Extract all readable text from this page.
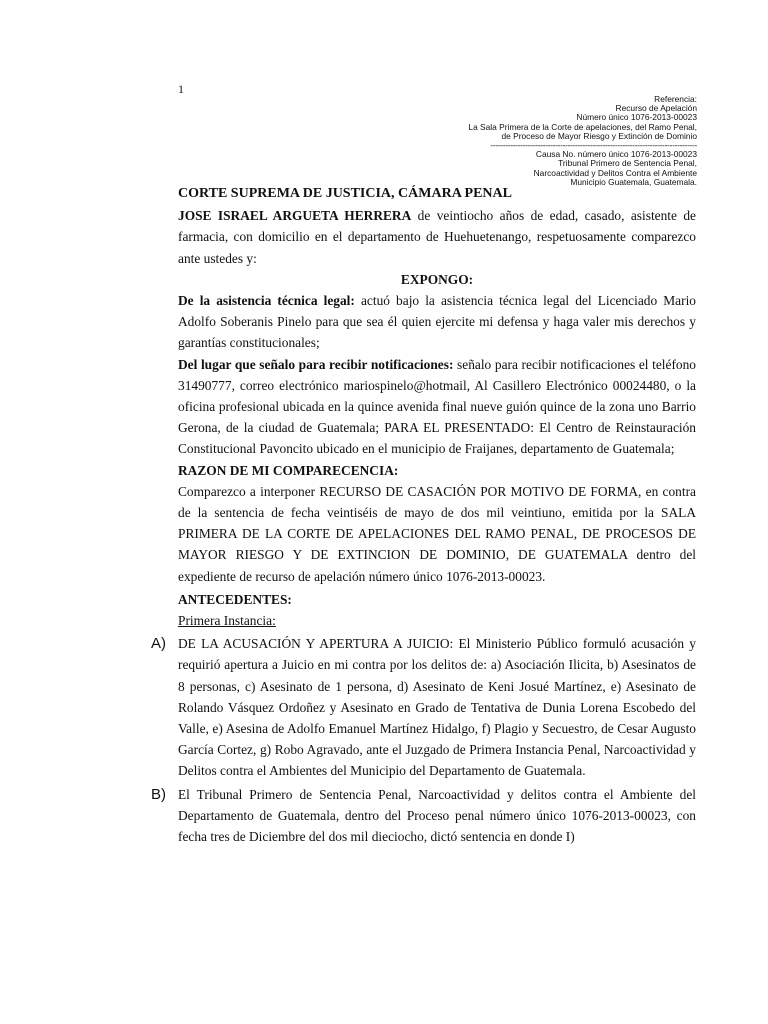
1
Referencia:
Recurso de Apelación
Número único 1076-2013-00023
La Sala Primera de la Corte de apelaciones, del Ramo Penal,
de Proceso de Mayor Riesgo y Extinción de Dominio
-----------------------------------------------------------------------------------
Causa No. número único 1076-2013-00023
Tribunal Primero de Sentencia Penal,
Narcoactividad y Delitos Contra el Ambiente
Municipio Guatemala, Guatemala.

CORTE SUPREMA DE JUSTICIA, CÁMARA PENAL

JOSE ISRAEL ARGUETA HERRERA de veintiocho años de edad, casado, asistente de farmacia, con domicilio en el departamento de Huehuetenango, respetuosamente comparezco ante ustedes y:

EXPONGO:

De la asistencia técnica legal: actuó bajo la asistencia técnica legal del Licenciado Mario Adolfo Soberanis Pinelo para que sea él quien ejercite mi defensa y haga valer mis derechos y garantías constitucionales;

Del lugar que señalo para recibir notificaciones: señalo para recibir notificaciones el teléfono 31490777, correo electrónico mariospinelo@hotmail, Al Casillero Electrónico 00024480, o la oficina profesional ubicada en la quince avenida final nueve guión quince de la zona uno Barrio Gerona, de la ciudad de Guatemala; PARA EL PRESENTADO: El Centro de Reinstauración Constitucional Pavoncito ubicado en el municipio de Fraijanes, departamento de Guatemala;

RAZON DE MI COMPARECENCIA:

Comparezco a interponer RECURSO DE CASACIÓN POR MOTIVO DE FORMA, en contra de la sentencia de fecha veintiséis de mayo de dos mil veintiuno, emitida por la SALA PRIMERA DE LA CORTE DE APELACIONES DEL RAMO PENAL, DE PROCESOS DE MAYOR RIESGO Y DE EXTINCION DE DOMINIO, DE GUATEMALA dentro del expediente de recurso de apelación número único 1076-2013-00023.

ANTECEDENTES:

Primera Instancia:

A) DE LA ACUSACIÓN Y APERTURA A JUICIO: El Ministerio Público formuló acusación y requirió apertura a Juicio en mi contra por los delitos de: a) Asociación Ilicita, b) Asesinatos de 8 personas, c) Asesinato de 1 persona, d) Asesinato de Keni Josué Martínez, e) Asesinato de Rolando Vásquez Ordoñez y Asesinato en Grado de Tentativa de Dunia Lorena Escobedo del Valle, e) Asesina de Adolfo Emanuel Martínez Hidalgo, f) Plagio y Secuestro, de Cesar Augusto García Cortez, g) Robo Agravado, ante el Juzgado de Primera Instancia Penal, Narcoactividad y Delitos contra el Ambientes del Municipio del Departamento de Guatemala.

B) El Tribunal Primero de Sentencia Penal, Narcoactividad y delitos contra el Ambiente del Departamento de Guatemala, dentro del Proceso penal número único 1076-2013-00023, con fecha tres de Diciembre del dos mil dieciocho, dictó sentencia en donde I)
